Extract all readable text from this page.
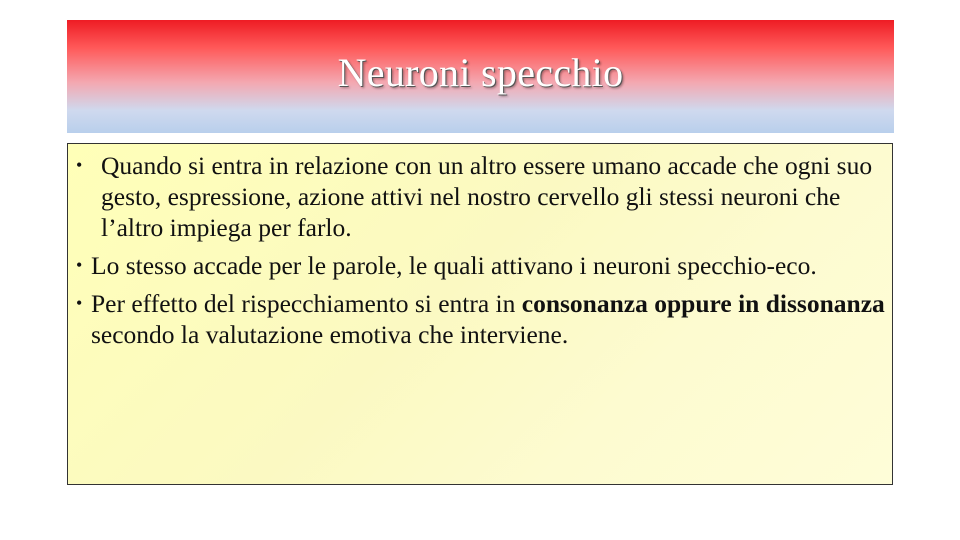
Neuroni specchio
• Quando si entra in relazione con un altro essere umano accade che ogni suo gesto, espressione, azione attivi nel nostro cervello gli stessi neuroni che l’altro impiega per farlo.
• Lo stesso accade per le parole, le quali attivano i neuroni specchio-eco.
• Per effetto del rispecchiamento si entra in consonanza oppure in dissonanza secondo la valutazione emotiva che interviene.
